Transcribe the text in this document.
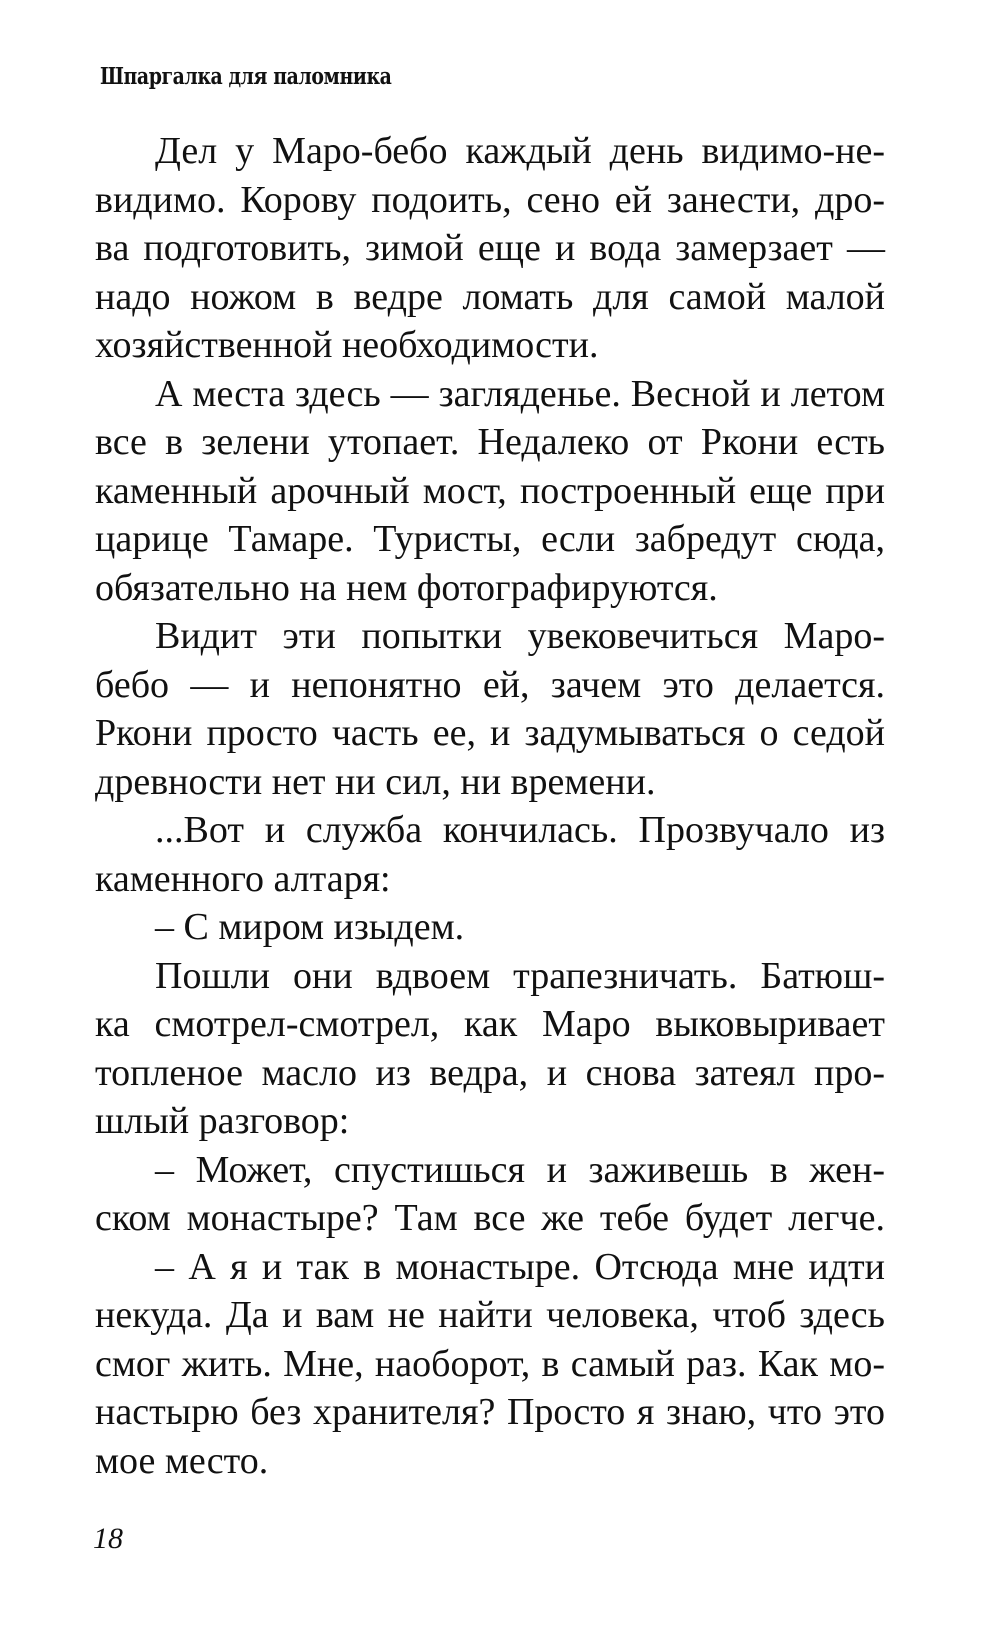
Шпаргалка для паломника
Дел у Маро-бебо каждый день видимо-не-
видимо. Корову подоить, сено ей занести, дро-
ва подготовить, зимой еще и вода замерзает —
надо ножом в ведре ломать для самой малой
хозяйственной необходимости.
А места здесь — загляденье. Весной и летом
все в зелени утопает. Недалеко от Ркони есть
каменный арочный мост, построенный еще при
царице Тамаре. Туристы, если забредут сюда,
обязательно на нем фотографируются.
Видит эти попытки увековечиться Маро-
бебо — и непонятно ей, зачем это делается.
Ркони просто часть ее, и задумываться о седой
древности нет ни сил, ни времени.
...Вот и служба кончилась. Прозвучало из
каменного алтаря:
– С миром изыдем.
Пошли они вдвоем трапезничать. Батюш-
ка смотрел-смотрел, как Маро выковыривает
топленое масло из ведра, и снова затеял про-
шлый разговор:
– Может, спустишься и заживешь в жен-
ском монастыре? Там все же тебе будет легче.
– А я и так в монастыре. Отсюда мне идти
некуда. Да и вам не найти человека, чтоб здесь
смог жить. Мне, наоборот, в самый раз. Как мо-
настырю без хранителя? Просто я знаю, что это
мое место.
18
